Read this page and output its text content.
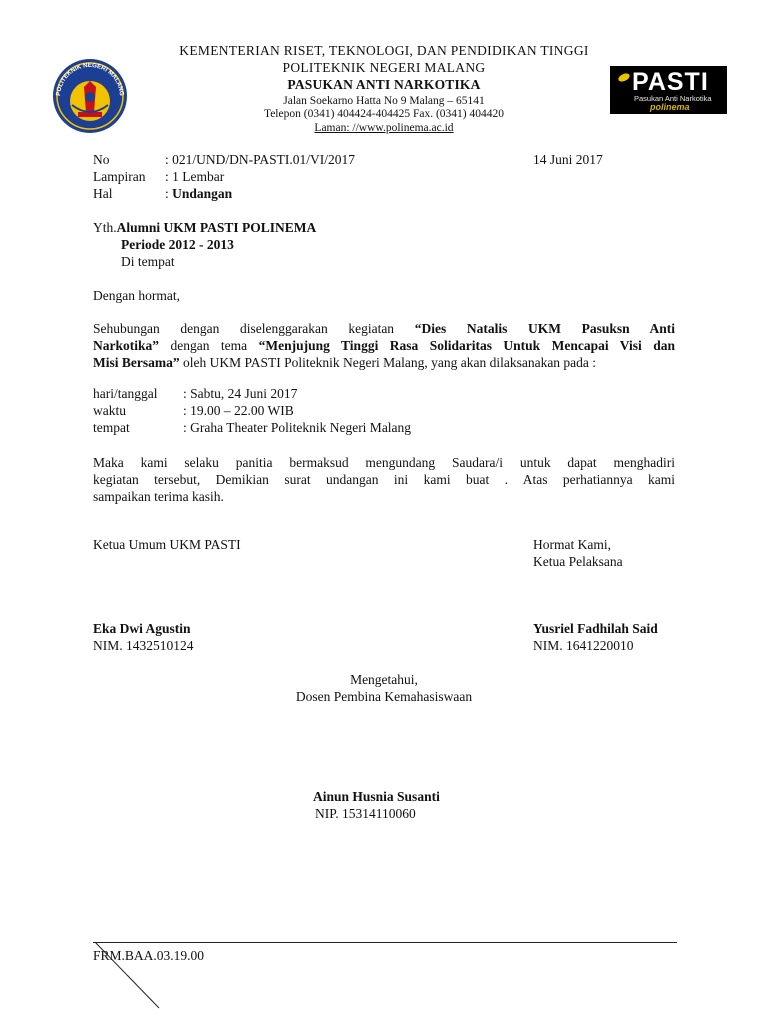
KEMENTERIAN RISET, TEKNOLOGI, DAN PENDIDIKAN TINGGI
POLITEKNIK NEGERI MALANG
PASUKAN ANTI NARKOTIKA
Jalan Soekarno Hatta No 9 Malang – 65141
Telepon (0341) 404424-404425 Fax. (0341) 404420
Laman: //www.polinema.ac.id
POLITEKNIK NEGERI MALANG	PASTI
Pasukan Anti Narkotika
polinema
No	: 021/UND/DN-PASTI.01/VI/2017	14 Juni 2017
Lampiran : 1 Lembar
Hal	: Undangan
Yth.Alumni UKM PASTI POLINEMA
Periode 2012 - 2013
Di tempat
Dengan hormat,
Sehubungan dengan diselenggarakan kegiatan “Dies Natalis UKM Pasuksn Anti
Narkotika” dengan tema “Menjujung Tinggi Rasa Solidaritas Untuk Mencapai Visi dan
Misi Bersama” oleh UKM PASTI Politeknik Negeri Malang, yang akan dilaksanakan pada :
hari/tanggal : Sabtu, 24 Juni 2017
waktu	: 19.00 – 22.00 WIB
tempat	: Graha Theater Politeknik Negeri Malang
Maka kami selaku panitia bermaksud mengundang Saudara/i untuk dapat menghadiri
kegiatan tersebut, Demikian surat undangan ini kami buat . Atas perhatiannya kami
sampaikan terima kasih.
Ketua Umum UKM PASTI	Hormat Kami,
Ketua Pelaksana
Eka Dwi Agustin
NIM. 1432510124
Yusriel Fadhilah Said
NIM. 1641220010
Mengetahui,
Dosen Pembina Kemahasiswaan
Ainun Husnia Susanti
NIP. 15314110060
FRM.BAA.03.19.00
